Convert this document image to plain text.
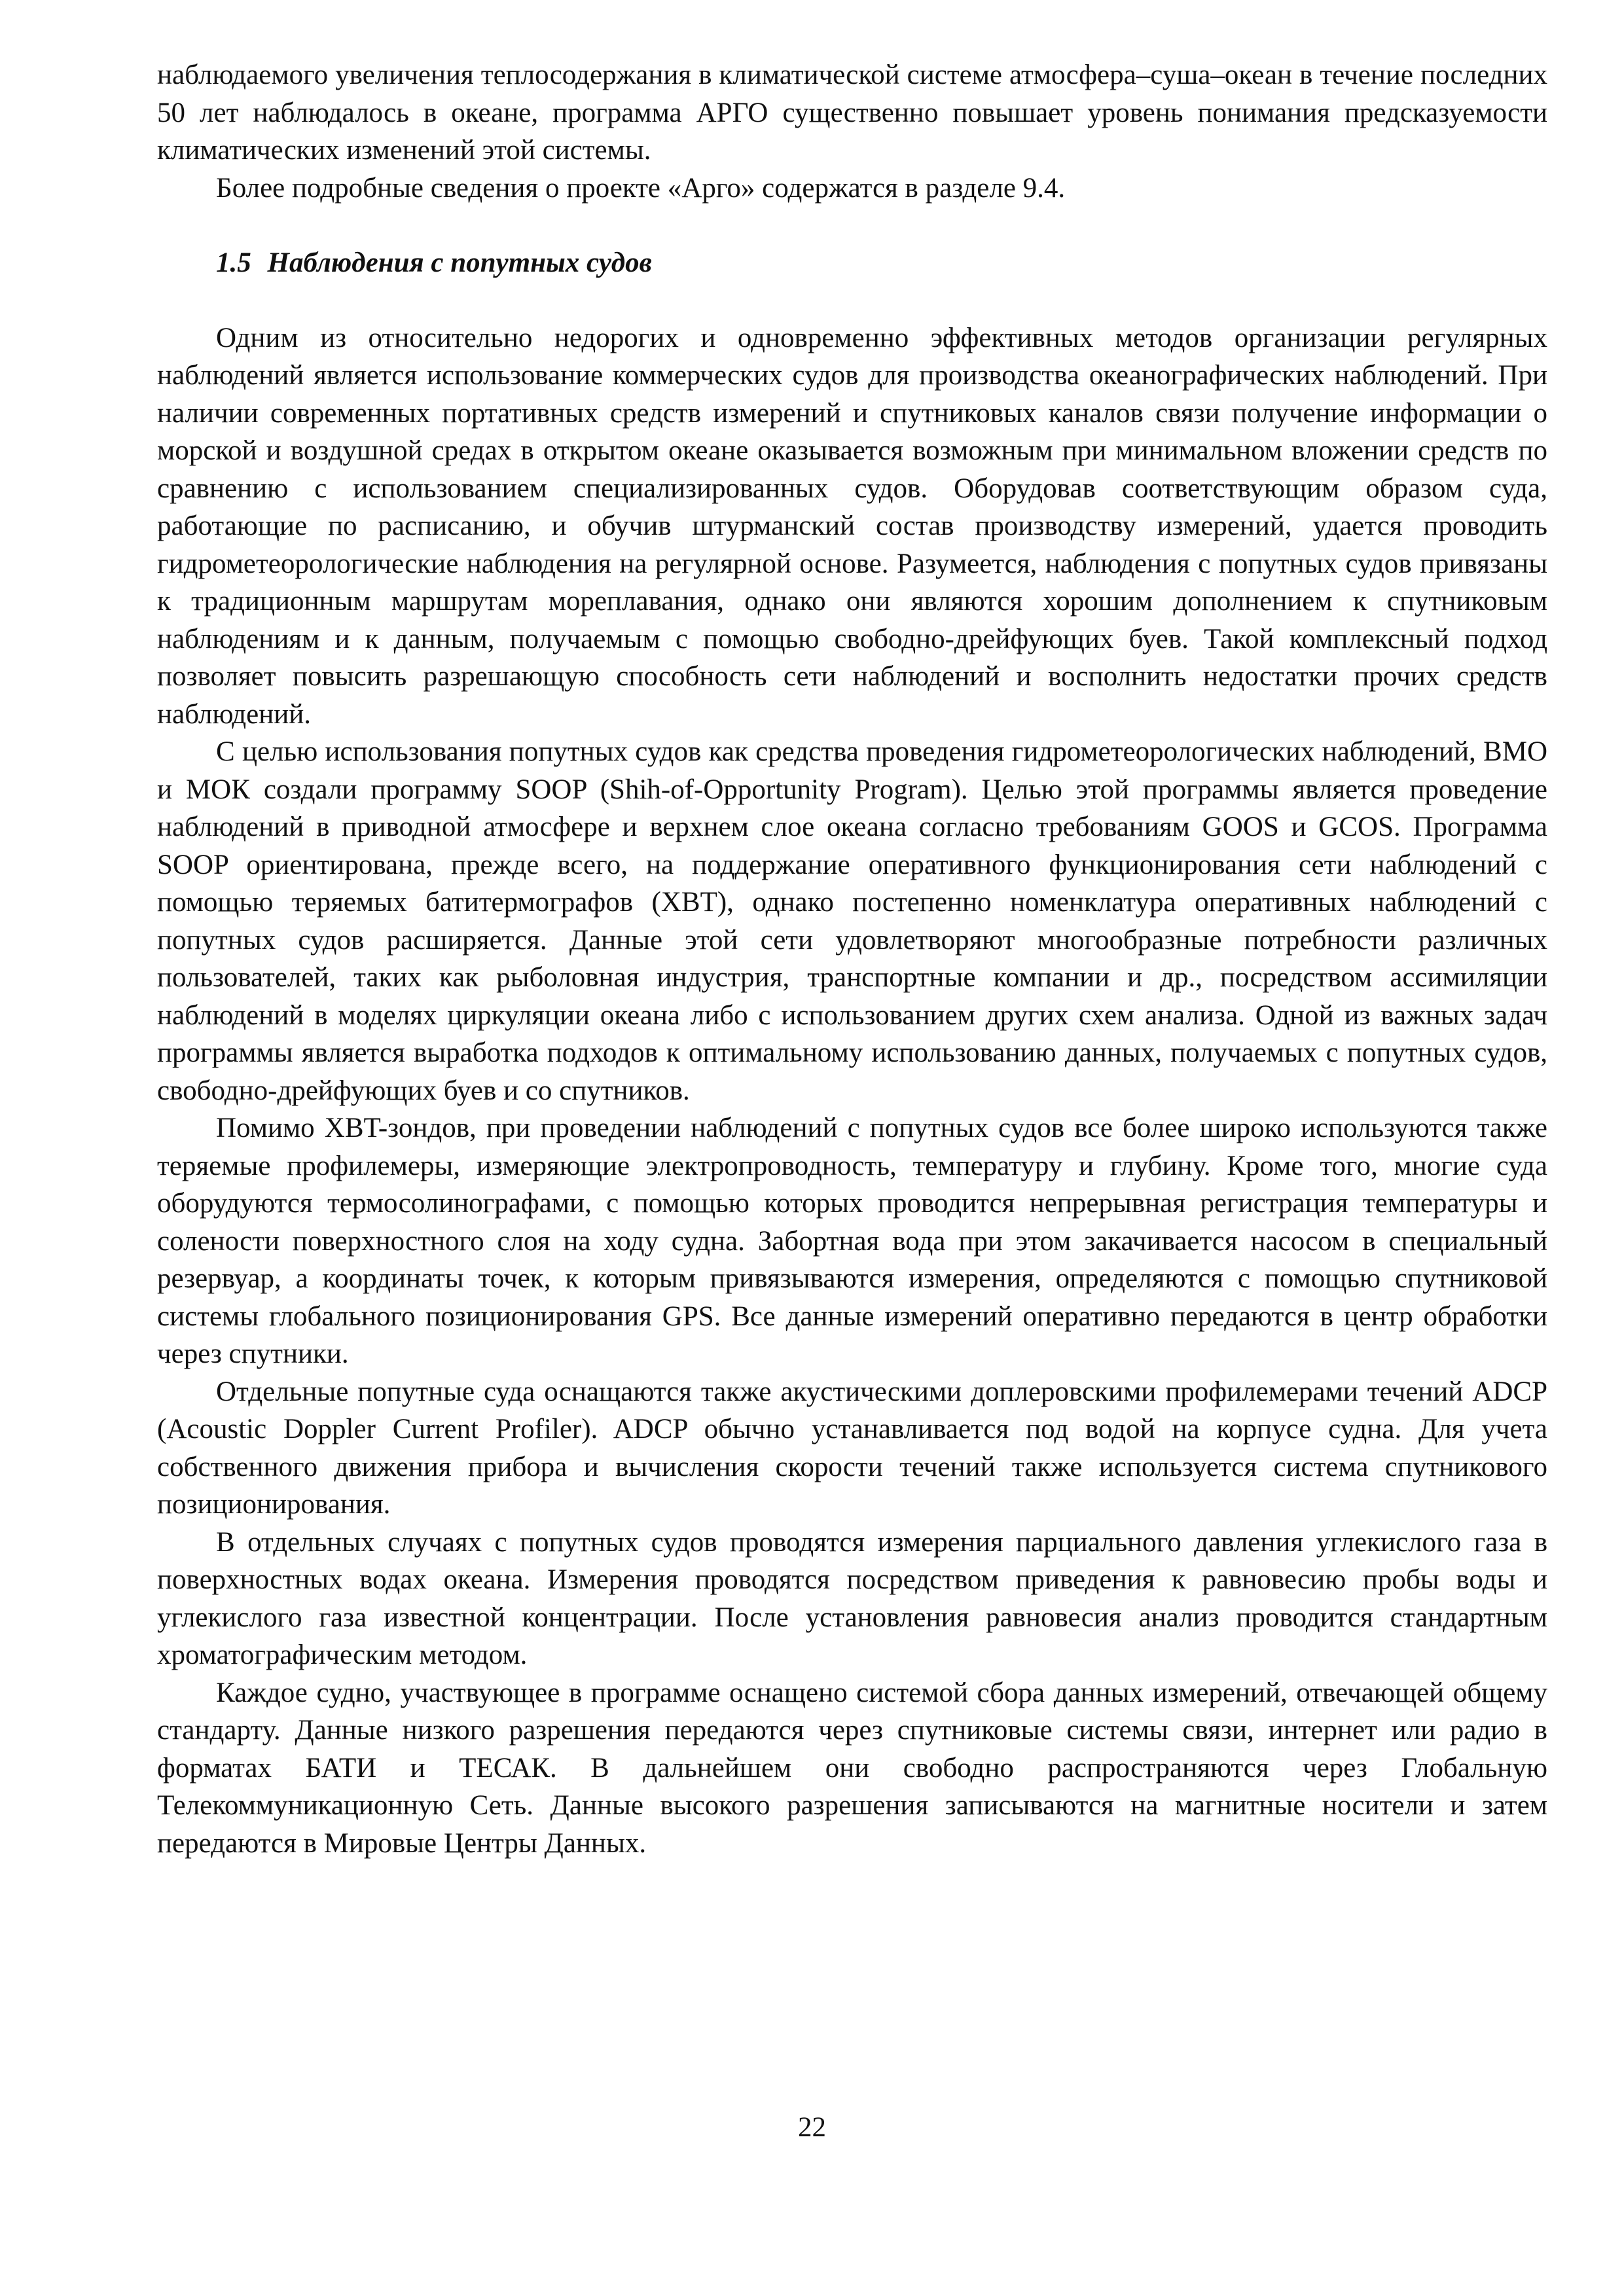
наблюдаемого увеличения теплосодержания в климатической системе атмосфера–суша–океан в течение последних 50 лет наблюдалось в океане, программа АРГО существенно повышает уровень понимания предсказуемости климатических изменений этой системы.

Более подробные сведения о проекте «Арго» содержатся в разделе 9.4.

1.5 Наблюдения с попутных судов

Одним из относительно недорогих и одновременно эффективных методов организации регулярных наблюдений является использование коммерческих судов для производства океанографических наблюдений. При наличии современных портативных средств измерений и спутниковых каналов связи получение информации о морской и воздушной средах в открытом океане оказывается возможным при минимальном вложении средств по сравнению с использованием специализированных судов. Оборудовав соответствующим образом суда, работающие по расписанию, и обучив штурманский состав производству измерений, удается проводить гидрометеорологические наблюдения на регулярной основе. Разумеется, наблюдения с попутных судов привязаны к традиционным маршрутам мореплавания, однако они являются хорошим дополнением к спутниковым наблюдениям и к данным, получаемым с помощью свободно-дрейфующих буев. Такой комплексный подход позволяет повысить разрешающую способность сети наблюдений и восполнить недостатки прочих средств наблюдений.

С целью использования попутных судов как средства проведения гидрометеорологических наблюдений, ВМО и МОК создали программу SOOP (Shih-of-Opportunity Program). Целью этой программы является проведение наблюдений в приводной атмосфере и верхнем слое океана согласно требованиям GOOS и GCOS. Программа SOOP ориентирована, прежде всего, на поддержание оперативного функционирования сети наблюдений с помощью теряемых батитермографов (XBT), однако постепенно номенклатура оперативных наблюдений с попутных судов расширяется. Данные этой сети удовлетворяют многообразные потребности различных пользователей, таких как рыболовная индустрия, транспортные компании и др., посредством ассимиляции наблюдений в моделях циркуляции океана либо с использованием других схем анализа. Одной из важных задач программы является выработка подходов к оптимальному использованию данных, получаемых с попутных судов, свободно-дрейфующих буев и со спутников.

Помимо XBT-зондов, при проведении наблюдений с попутных судов все более широко используются также теряемые профилемеры, измеряющие электропроводность, температуру и глубину. Кроме того, многие суда оборудуются термосолинографами, с помощью которых проводится непрерывная регистрация температуры и солености поверхностного слоя на ходу судна. Забортная вода при этом закачивается насосом в специальный резервуар, а координаты точек, к которым привязываются измерения, определяются с помощью спутниковой системы глобального позиционирования GPS. Все данные измерений оперативно передаются в центр обработки через спутники.

Отдельные попутные суда оснащаются также акустическими доплеровскими профилемерами течений ADCP (Acoustic Doppler Current Profiler). ADCP обычно устанавливается под водой на корпусе судна. Для учета собственного движения прибора и вычисления скорости течений также используется система спутникового позиционирования.

В отдельных случаях с попутных судов проводятся измерения парциального давления углекислого газа в поверхностных водах океана. Измерения проводятся посредством приведения к равновесию пробы воды и углекислого газа известной концентрации. После установления равновесия анализ проводится стандартным хроматографическим методом.

Каждое судно, участвующее в программе оснащено системой сбора данных измерений, отвечающей общему стандарту. Данные низкого разрешения передаются через спутниковые системы связи, интернет или радио в форматах БАТИ и ТЕСАК. В дальнейшем они свободно распространяются через Глобальную Телекоммуникационную Сеть. Данные высокого разрешения записываются на магнитные носители и затем передаются в Мировые Центры Данных.

22
